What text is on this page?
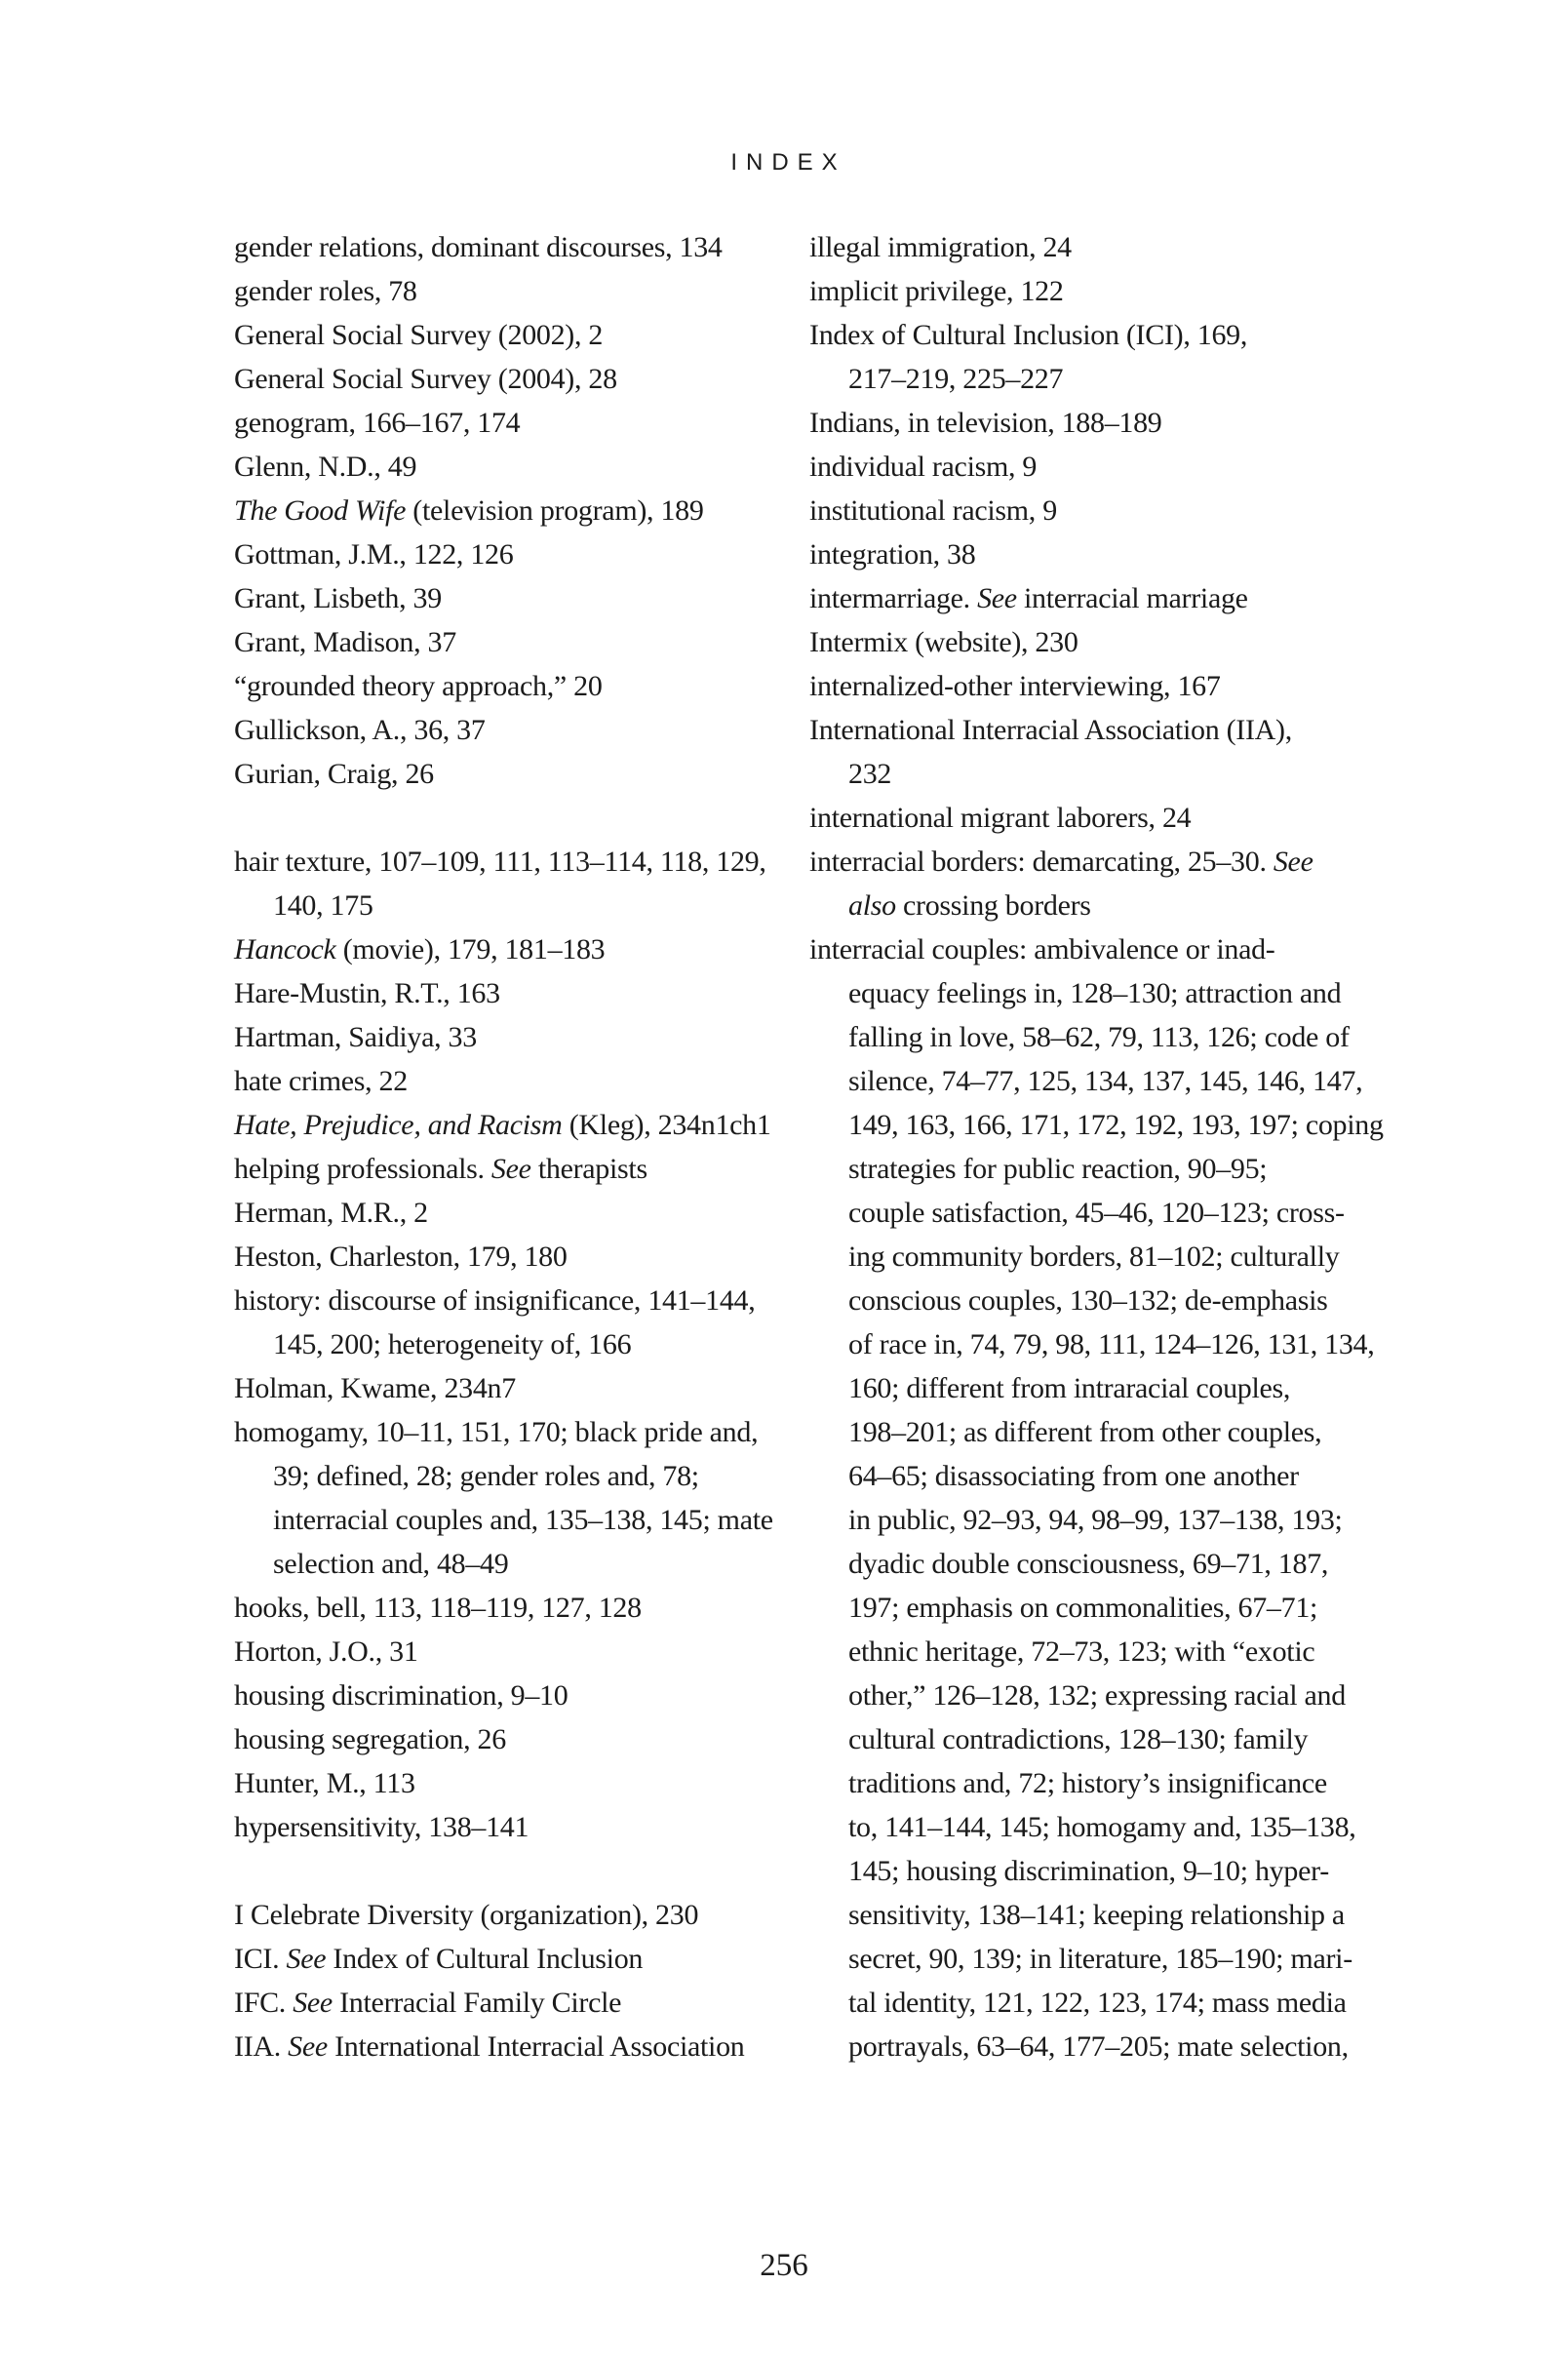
INDEX
gender relations, dominant discourses, 134
gender roles, 78
General Social Survey (2002), 2
General Social Survey (2004), 28
genogram, 166–167, 174
Glenn, N.D., 49
The Good Wife (television program), 189
Gottman, J.M., 122, 126
Grant, Lisbeth, 39
Grant, Madison, 37
“grounded theory approach,” 20
Gullickson, A., 36, 37
Gurian, Craig, 26
hair texture, 107–109, 111, 113–114, 118, 129,
140, 175
Hancock (movie), 179, 181–183
Hare-Mustin, R.T., 163
Hartman, Saidiya, 33
hate crimes, 22
Hate, Prejudice, and Racism (Kleg), 234n1ch1
helping professionals. See therapists
Herman, M.R., 2
Heston, Charleston, 179, 180
history: discourse of insignificance, 141–144,
145, 200; heterogeneity of, 166
Holman, Kwame, 234n7
homogamy, 10–11, 151, 170; black pride and,
39; defined, 28; gender roles and, 78;
interracial couples and, 135–138, 145; mate
selection and, 48–49
hooks, bell, 113, 118–119, 127, 128
Horton, J.O., 31
housing discrimination, 9–10
housing segregation, 26
Hunter, M., 113
hypersensitivity, 138–141
I Celebrate Diversity (organization), 230
ICI. See Index of Cultural Inclusion
IFC. See Interracial Family Circle
IIA. See International Interracial Association
illegal immigration, 24
implicit privilege, 122
Index of Cultural Inclusion (ICI), 169,
217–219, 225–227
Indians, in television, 188–189
individual racism, 9
institutional racism, 9
integration, 38
intermarriage. See interracial marriage
Intermix (website), 230
internalized-other interviewing, 167
International Interracial Association (IIA),
232
international migrant laborers, 24
interracial borders: demarcating, 25–30. See
also crossing borders
interracial couples: ambivalence or inad-
equacy feelings in, 128–130; attraction and
falling in love, 58–62, 79, 113, 126; code of
silence, 74–77, 125, 134, 137, 145, 146, 147,
149, 163, 166, 171, 172, 192, 193, 197; coping
strategies for public reaction, 90–95;
couple satisfaction, 45–46, 120–123; cross-
ing community borders, 81–102; culturally
conscious couples, 130–132; de-emphasis
of race in, 74, 79, 98, 111, 124–126, 131, 134,
160; different from intraracial couples,
198–201; as different from other couples,
64–65; disassociating from one another
in public, 92–93, 94, 98–99, 137–138, 193;
dyadic double consciousness, 69–71, 187,
197; emphasis on commonalities, 67–71;
ethnic heritage, 72–73, 123; with “exotic
other,” 126–128, 132; expressing racial and
cultural contradictions, 128–130; family
traditions and, 72; history’s insignificance
to, 141–144, 145; homogamy and, 135–138,
145; housing discrimination, 9–10; hyper-
sensitivity, 138–141; keeping relationship a
secret, 90, 139; in literature, 185–190; mari-
tal identity, 121, 122, 123, 174; mass media
portrayals, 63–64, 177–205; mate selection,
256
